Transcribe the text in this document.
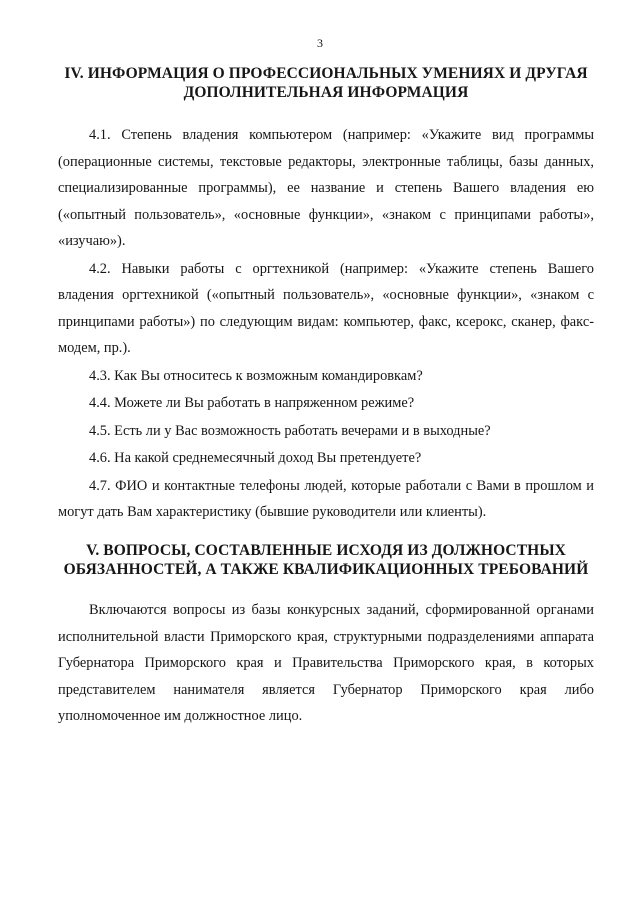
3
IV. ИНФОРМАЦИЯ О ПРОФЕССИОНАЛЬНЫХ УМЕНИЯХ И ДРУГАЯ
ДОПОЛНИТЕЛЬНАЯ ИНФОРМАЦИЯ

4.1. Степень владения компьютером (например: «Укажите вид программы (операционные системы, текстовые редакторы, электронные таблицы, базы данных, специализированные программы), ее название и степень Вашего владения ею («опытный пользователь», «основные функции», «знаком с принципами работы», «изучаю»).

4.2. Навыки работы с оргтехникой (например: «Укажите степень Вашего владения оргтехникой («опытный пользователь», «основные функции», «знаком с принципами работы») по следующим видам: компьютер, факс, ксерокс, сканер, факс-модем, пр.).

4.3. Как Вы относитесь к возможным командировкам?

4.4. Можете ли Вы работать в напряженном режиме?

4.5. Есть ли у Вас возможность работать вечерами и в выходные?

4.6. На какой среднемесячный доход Вы претендуете?

4.7. ФИО и контактные телефоны людей, которые работали с Вами в прошлом и могут дать Вам характеристику (бывшие руководители или клиенты).

V. ВОПРОСЫ, СОСТАВЛЕННЫЕ ИСХОДЯ ИЗ ДОЛЖНОСТНЫХ
ОБЯЗАННОСТЕЙ, А ТАКЖЕ КВАЛИФИКАЦИОННЫХ ТРЕБОВАНИЙ

Включаются вопросы из базы конкурсных заданий, сформированной органами исполнительной власти Приморского края, структурными подразделениями аппарата Губернатора Приморского края и Правительства Приморского края, в которых представителем нанимателя является Губернатор Приморского края либо уполномоченное им должностное лицо.
